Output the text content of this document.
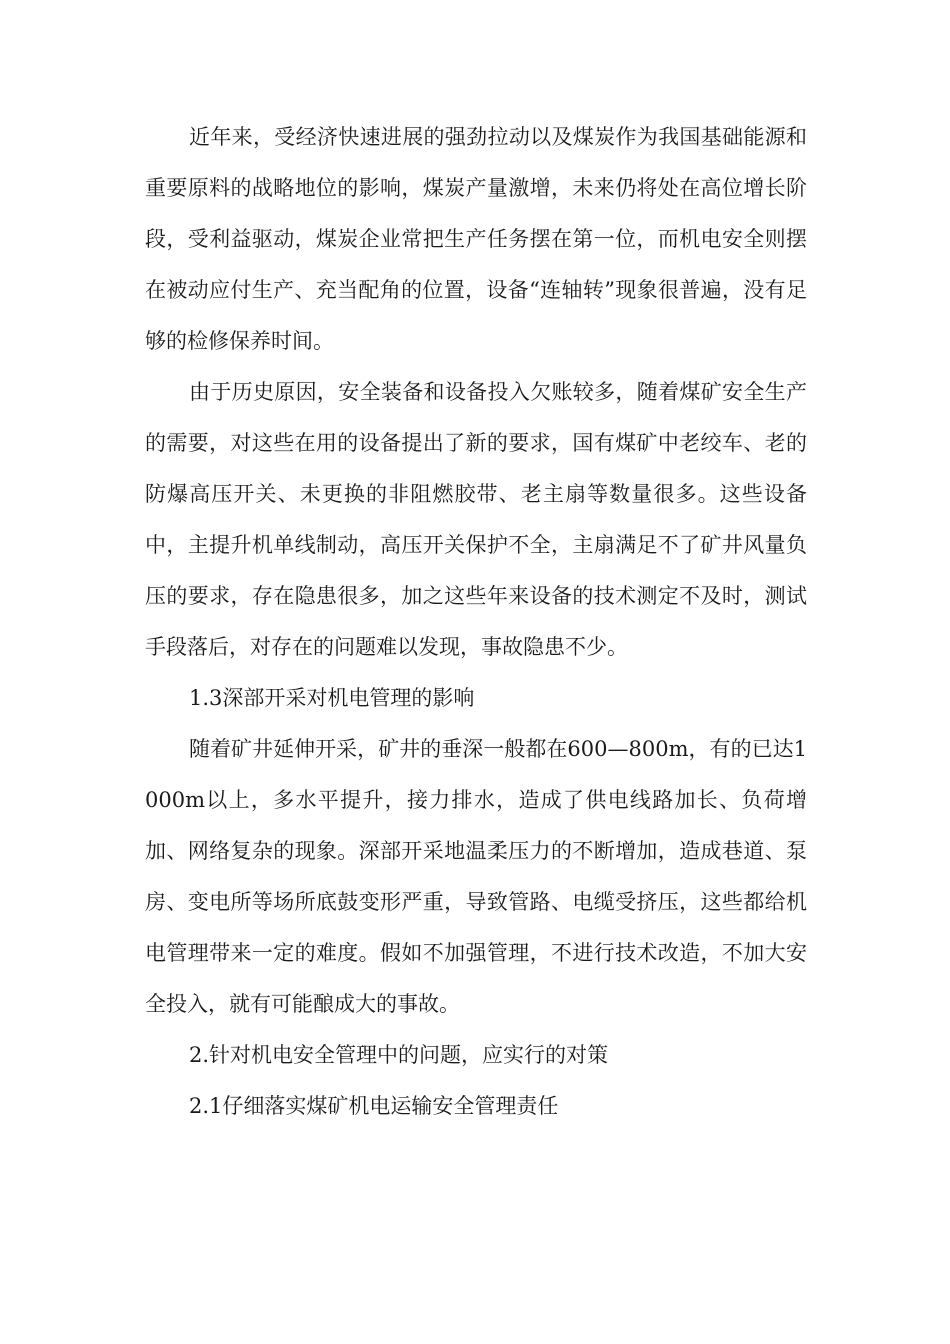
近年来，受经济快速进展的强劲拉动以及煤炭作为我国基础能源和重要原料的战略地位的影响，煤炭产量激增，未来仍将处在高位增长阶段，受利益驱动，煤炭企业常把生产任务摆在第一位，而机电安全则摆在被动应付生产、充当配角的位置，设备“连轴转”现象很普遍，没有足够的检修保养时间。

由于历史原因，安全装备和设备投入欠账较多，随着煤矿安全生产的需要，对这些在用的设备提出了新的要求，国有煤矿中老绞车、老的防爆高压开关、未更换的非阻燃胶带、老主扇等数量很多。这些设备中，主提升机单线制动，高压开关保护不全，主扇满足不了矿井风量负压的要求，存在隐患很多，加之这些年来设备的技术测定不及时，测试手段落后，对存在的问题难以发现，事故隐患不少。

1.3深部开采对机电管理的影响

随着矿井延伸开采，矿井的垂深一般都在600—800m，有的已达1000m以上，多水平提升，接力排水，造成了供电线路加长、负荷增加、网络复杂的现象。深部开采地温柔压力的不断增加，造成巷道、泵房、变电所等场所底鼓变形严重，导致管路、电缆受挤压，这些都给机电管理带来一定的难度。假如不加强管理，不进行技术改造，不加大安全投入，就有可能酿成大的事故。

2.针对机电安全管理中的问题，应实行的对策

2.1仔细落实煤矿机电运输安全管理责任
